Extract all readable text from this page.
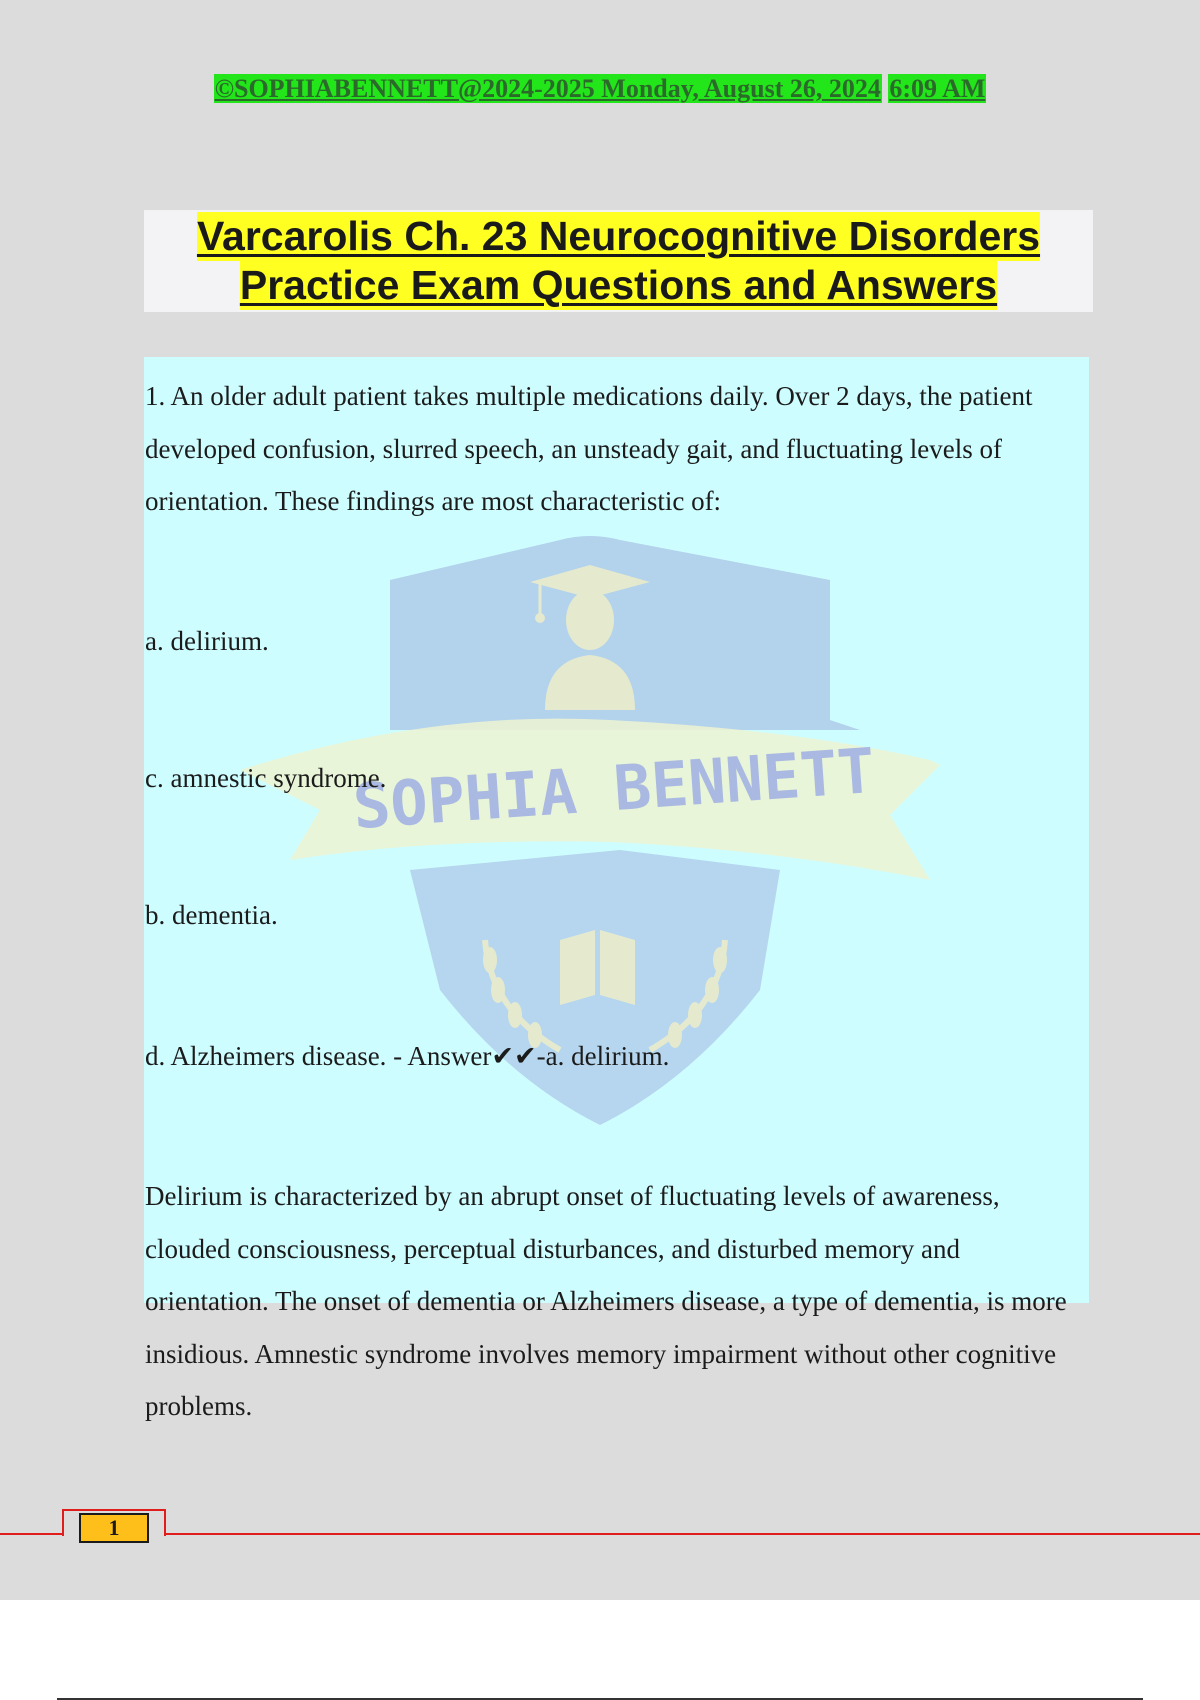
©SOPHIABENNETT@2024-2025 Monday, August 26, 2024 6:09 AM
Varcarolis Ch. 23 Neurocognitive Disorders
Practice Exam Questions and Answers
SOPHIA BENNETT

1. An older adult patient takes multiple medications daily. Over 2 days, the patient developed confusion, slurred speech, an unsteady gait, and fluctuating levels of orientation. These findings are most characteristic of:

a. delirium.

c. amnestic syndrome.

b. dementia.

d. Alzheimers disease. - Answer✔✔-a. delirium.

Delirium is characterized by an abrupt onset of fluctuating levels of awareness, clouded consciousness, perceptual disturbances, and disturbed memory and orientation. The onset of dementia or Alzheimers disease, a type of dementia, is more insidious. Amnestic syndrome involves memory impairment without other cognitive problems.

1
